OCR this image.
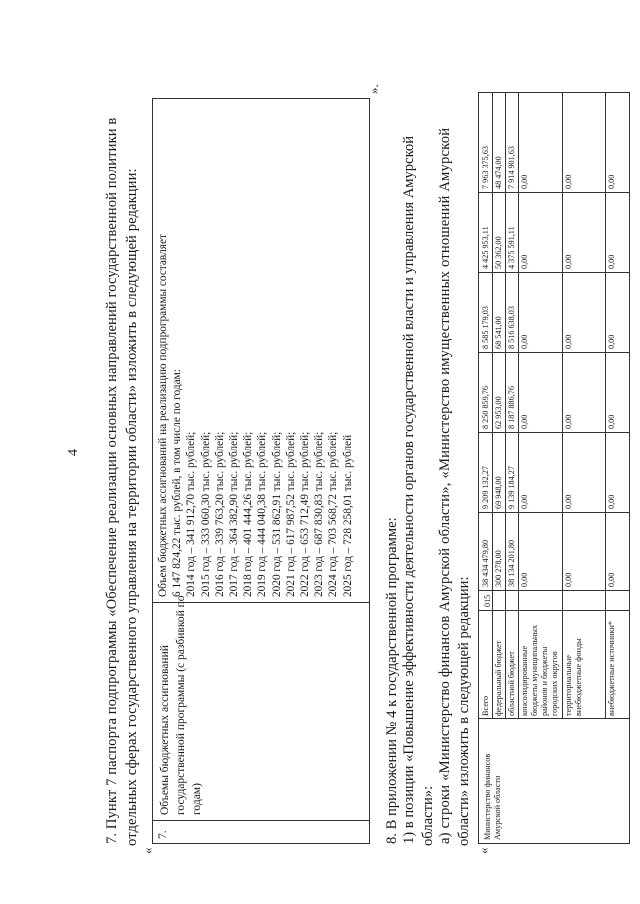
4 7. Пункт 7 паспорта подпрограммы «Обеспечение реализации основных направлений государственной политики в отдельных сферах государственного управления на территории области» изложить в следующей редакции:
«
7.
Объемы бюджетных ассигнований государственной программы (с разбивкой по годам)
Объем бюджетных ассигнований на реализацию подпрограммы составляет 6 147 824,22 тыс. рублей, в том числе по годам: 2014 год – 341 912,70 тыс. рублей; 2015 год – 333 060,30 тыс. рублей; 2016 год – 339 763,20 тыс. рублей; 2017 год – 364 382,90 тыс. рублей; 2018 год – 401 444,26 тыс. рублей; 2019 год – 444 040,38 тыс. рублей; 2020 год – 531 862,91 тыс. рублей; 2021 год – 617 987,52 тыс. рублей; 2022 год – 653 712,49 тыс. рублей; 2023 год – 687 830,83 тыс. рублей; 2024 год – 703 568,72 тыс. рублей; 2025 год – 728 258,01 тыс. рублей
».
8. В приложении № 4 к государственной программе: 1) в позиции «Повышение эффективности деятельности органов государственной власти и управления Амурской области»: а) строки «Министерство финансов Амурской области», «Министерство имущественных отношений Амурской области» изложить в следующей редакции:
«
Министерство финансов Амурской области
015
Всего
38 434 479,80
9 209 132,27
8 250 859,76
8 585 179,03
4 425 953,11
7 963 375,63
федеральный бюджет
300 278,00
69 948,00
62 953,00
68 541,00
50 362,00
48 474,00
областной бюджет
38 134 201,80
9 139 184,27
8 187 886,76
8 516 638,03
4 375 591,11
7 914 901,63
консолидированные бюджеты муниципальных районов и бюджеты городских округов
0,00
0,00
0,00
0,00
0,00
0,00
территориальные внебюджетные фонды
0,00
0,00
0,00
0,00
0,00
0,00
внебюджетные источники*
0,00
0,00
0,00
0,00
0,00
0,00
